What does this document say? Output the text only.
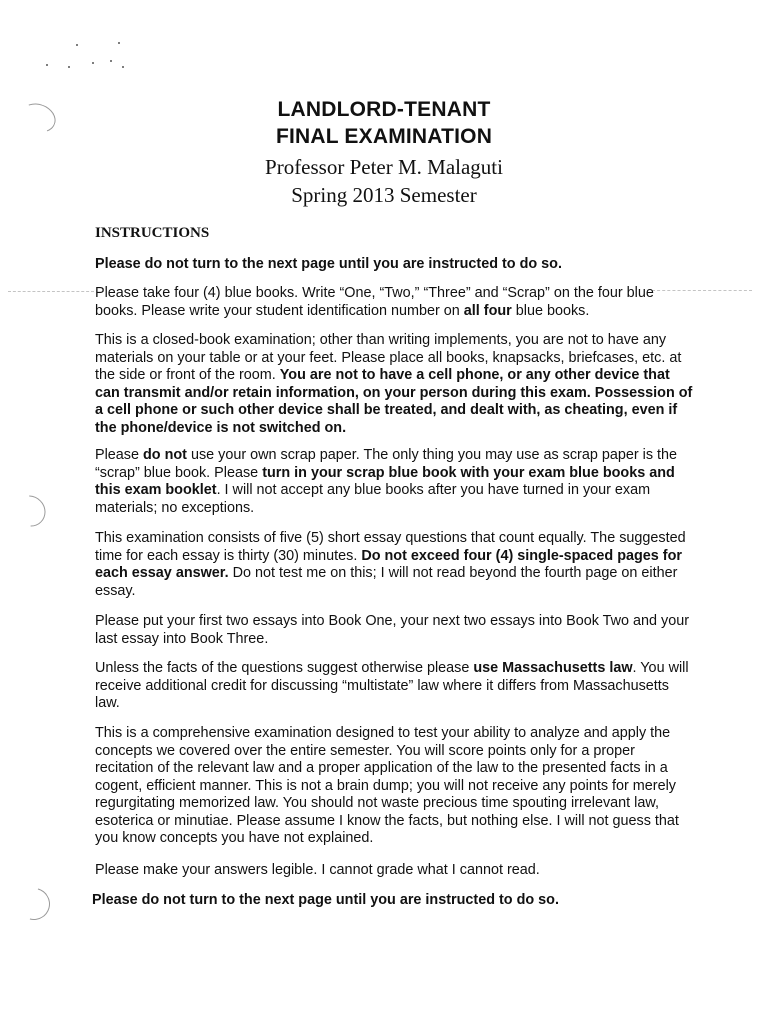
LANDLORD-TENANT
FINAL EXAMINATION
Professor Peter M. Malaguti
Spring 2013 Semester
INSTRUCTIONS
Please do not turn to the next page until you are instructed to do so.
Please take four (4) blue books. Write “One, “Two,” “Three” and “Scrap” on the four blue books. Please write your student identification number on all four blue books.
This is a closed-book examination; other than writing implements, you are not to have any materials on your table or at your feet. Please place all books, knapsacks, briefcases, etc. at the side or front of the room. You are not to have a cell phone, or any other device that can transmit and/or retain information, on your person during this exam. Possession of a cell phone or such other device shall be treated, and dealt with, as cheating, even if the phone/device is not switched on.
Please do not use your own scrap paper. The only thing you may use as scrap paper is the “scrap” blue book. Please turn in your scrap blue book with your exam blue books and this exam booklet. I will not accept any blue books after you have turned in your exam materials; no exceptions.
This examination consists of five (5) short essay questions that count equally. The suggested time for each essay is thirty (30) minutes. Do not exceed four (4) single-spaced pages for each essay answer. Do not test me on this; I will not read beyond the fourth page on either essay.
Please put your first two essays into Book One, your next two essays into Book Two and your last essay into Book Three.
Unless the facts of the questions suggest otherwise please use Massachusetts law. You will receive additional credit for discussing “multistate” law where it differs from Massachusetts law.
This is a comprehensive examination designed to test your ability to analyze and apply the concepts we covered over the entire semester. You will score points only for a proper recitation of the relevant law and a proper application of the law to the presented facts in a cogent, efficient manner. This is not a brain dump; you will not receive any points for merely regurgitating memorized law. You should not waste precious time spouting irrelevant law, esoterica or minutiae. Please assume I know the facts, but nothing else. I will not guess that you know concepts you have not explained.
Please make your answers legible. I cannot grade what I cannot read.
Please do not turn to the next page until you are instructed to do so.
